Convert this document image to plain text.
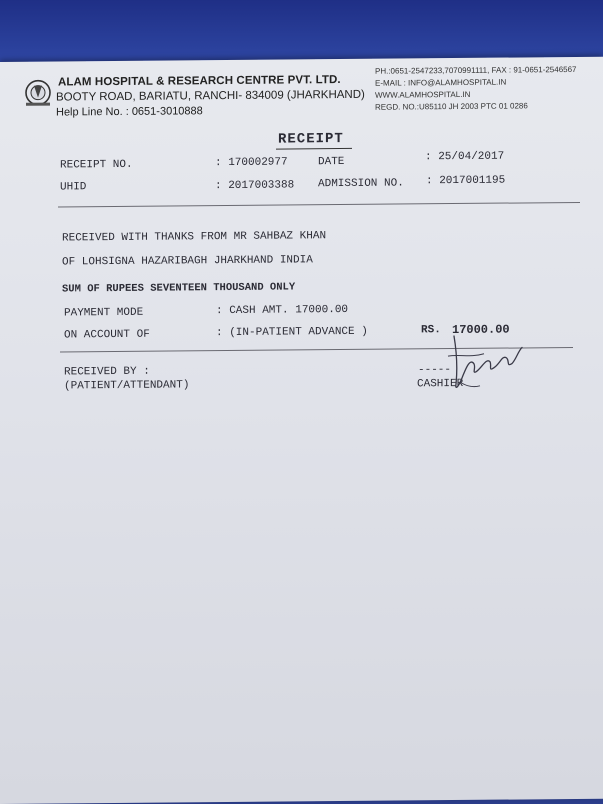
ALAM HOSPITAL & RESEARCH CENTRE PVT. LTD.
BOOTY ROAD, BARIATU, RANCHI- 834009 (JHARKHAND)
Help Line No. : 0651-3010888
PH.:0651-2547233,7070991111, FAX : 91-0651-2546567
E-MAIL : INFO@ALAMHOSPITAL.IN
WWW.ALAMHOSPITAL.IN
REGD. NO.:U85110 JH 2003 PTC 01 0286
RECEIPT
RECEIPT NO.	: 170002977	DATE	: 25/04/2017
UHID	: 2017003388 ADMISSION NO. : 2017001195
RECEIVED WITH THANKS FROM MR SAHBAZ KHAN
OF LOHSIGNA HAZARIBAGH JHARKHAND INDIA
SUM OF RUPEES SEVENTEEN THOUSAND ONLY
PAYMENT MODE	: CASH AMT. 17000.00
ON ACCOUNT OF	: (IN-PATIENT ADVANCE )	RS. 17000.00
RECEIVED BY :
(PATIENT/ATTENDANT)
-----
CASHIER
